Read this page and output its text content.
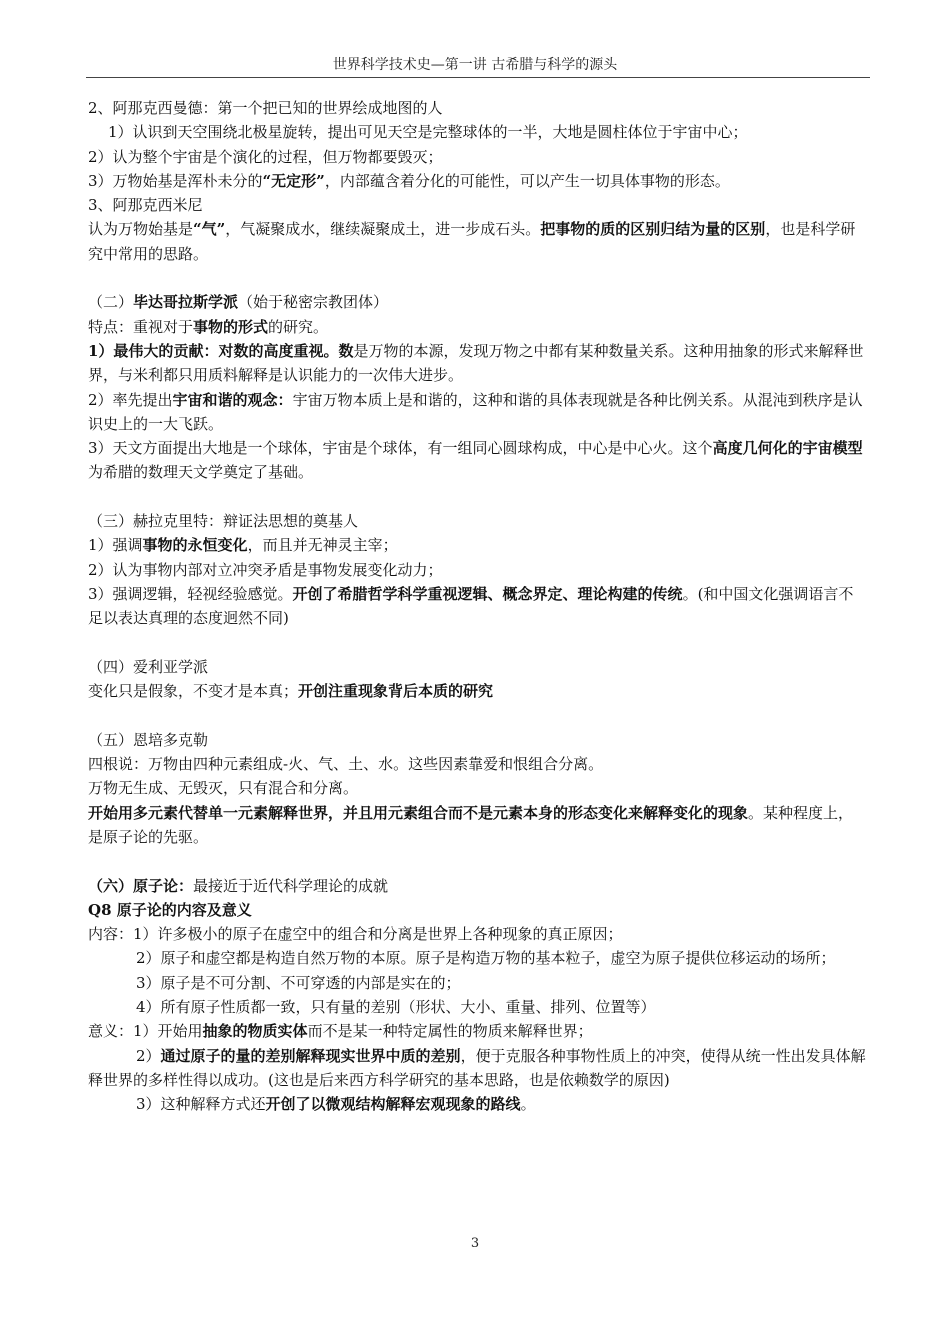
世界科学技术史—第一讲 古希腊与科学的源头

2、阿那克西曼德：第一个把已知的世界绘成地图的人

1）认识到天空围绕北极星旋转，提出可见天空是完整球体的一半，大地是圆柱体位于宇宙中心；

2）认为整个宇宙是个演化的过程，但万物都要毁灭；

3）万物始基是浑朴未分的“无定形”，内部蕴含着分化的可能性，可以产生一切具体事物的形态。

3、阿那克西米尼

认为万物始基是“气”，气凝聚成水，继续凝聚成土，进一步成石头。把事物的质的区别归结为量的区别，也是科学研究中常用的思路。

（二）毕达哥拉斯学派（始于秘密宗教团体）

特点：重视对于事物的形式的研究。

1）最伟大的贡献：对数的高度重视。数是万物的本源，发现万物之中都有某种数量关系。这种用抽象的形式来解释世界，与米利都只用质料解释是认识能力的一次伟大进步。

2）率先提出宇宙和谐的观念：宇宙万物本质上是和谐的，这种和谐的具体表现就是各种比例关系。从混沌到秩序是认识史上的一大飞跃。

3）天文方面提出大地是一个球体，宇宙是个球体，有一组同心圆球构成，中心是中心火。这个高度几何化的宇宙模型为希腊的数理天文学奠定了基础。

（三）赫拉克里特：辩证法思想的奠基人

1）强调事物的永恒变化，而且并无神灵主宰；

2）认为事物内部对立冲突矛盾是事物发展变化动力；

3）强调逻辑，轻视经验感觉。开创了希腊哲学科学重视逻辑、概念界定、理论构建的传统。(和中国文化强调语言不足以表达真理的态度迥然不同)

（四）爱利亚学派

变化只是假象，不变才是本真；开创注重现象背后本质的研究

（五）恩培多克勒

四根说：万物由四种元素组成-火、气、土、水。这些因素靠爱和恨组合分离。

万物无生成、无毁灭，只有混合和分离。

开始用多元素代替单一元素解释世界，并且用元素组合而不是元素本身的形态变化来解释变化的现象。某种程度上，是原子论的先驱。

（六）原子论：最接近于近代科学理论的成就

Q8 原子论的内容及意义

内容：1）许多极小的原子在虚空中的组合和分离是世界上各种现象的真正原因；

2）原子和虚空都是构造自然万物的本原。原子是构造万物的基本粒子，虚空为原子提供位移运动的场所；

3）原子是不可分割、不可穿透的内部是实在的；

4）所有原子性质都一致，只有量的差别（形状、大小、重量、排列、位置等）

意义：1）开始用抽象的物质实体而不是某一种特定属性的物质来解释世界；

2）通过原子的量的差别解释现实世界中质的差别，便于克服各种事物性质上的冲突，使得从统一性出发具体解释世界的多样性得以成功。(这也是后来西方科学研究的基本思路，也是依赖数学的原因)

3）这种解释方式还开创了以微观结构解释宏观现象的路线。

3
